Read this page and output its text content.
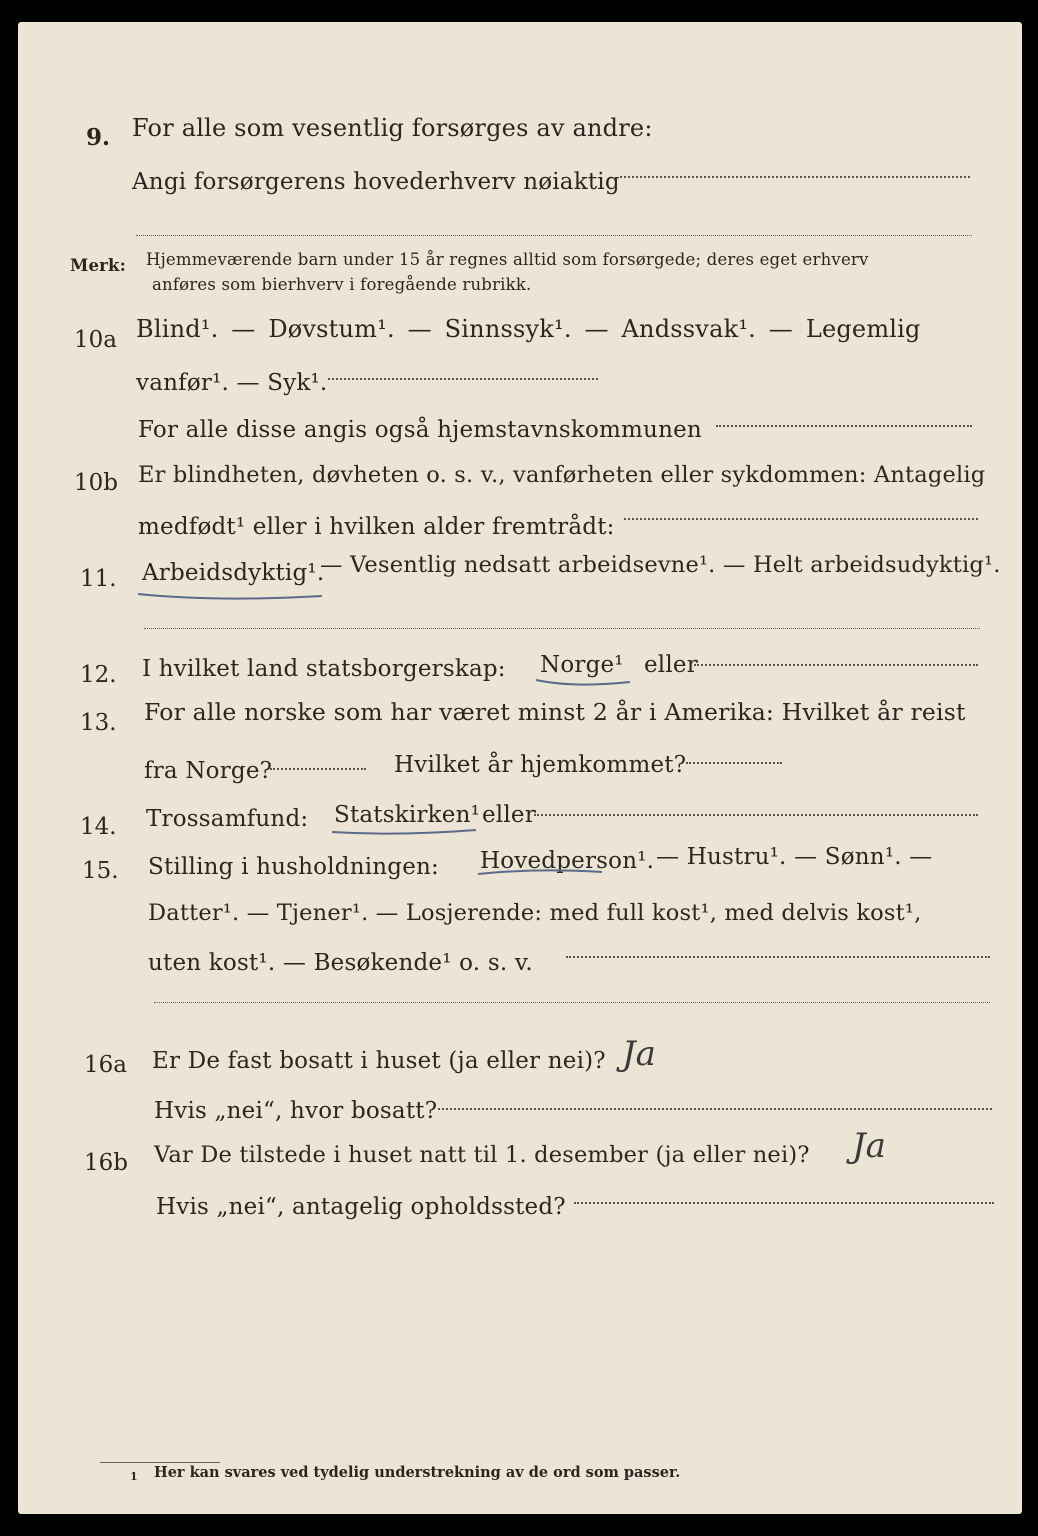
9. For alle som vesentlig forsørges av andre:
Angi forsørgerens hovederhverv nøiaktig
Merk: Hjemmeværende barn under 15 år regnes alltid som forsørgede; deres eget erhverv
anføres som bierhverv i foregående rubrikk.
10a Blind¹. — Døvstum¹. — Sinnssyk¹. — Andssvak¹. — Legemlig
vanfør¹. — Syk¹.
For alle disse angis også hjemstavnskommunen
10b Er blindheten, døvheten o. s. v., vanførheten eller sykdommen: Antagelig
medfødt¹ eller i hvilken alder fremtrådt:
11. Arbeidsdyktig¹.
— Vesentlig nedsatt arbeidsevne¹. — Helt arbeidsudyktig¹.
12. I hvilket land statsborgerskap: Norge¹ eller
13. For alle norske som har været minst 2 år i Amerika: Hvilket år reist
fra Norge?	Hvilket år hjemkommet?
14. Trossamfund: Statskirken¹ eller
15. Stilling i husholdningen: Hovedperson¹. — Hustru¹. — Sønn¹. —
Datter¹. — Tjener¹. — Losjerende: med full kost¹, med delvis kost¹,
uten kost¹. — Besøkende¹ o. s. v.
16a Er De fast bosatt i huset (ja eller nei)? Ja
Hvis „nei“, hvor bosatt?
16b Var De tilstede i huset natt til 1. desember (ja eller nei)? Ja
Hvis „nei“, antagelig opholdssted?
1 Her kan svares ved tydelig understrekning av de ord som passer.
